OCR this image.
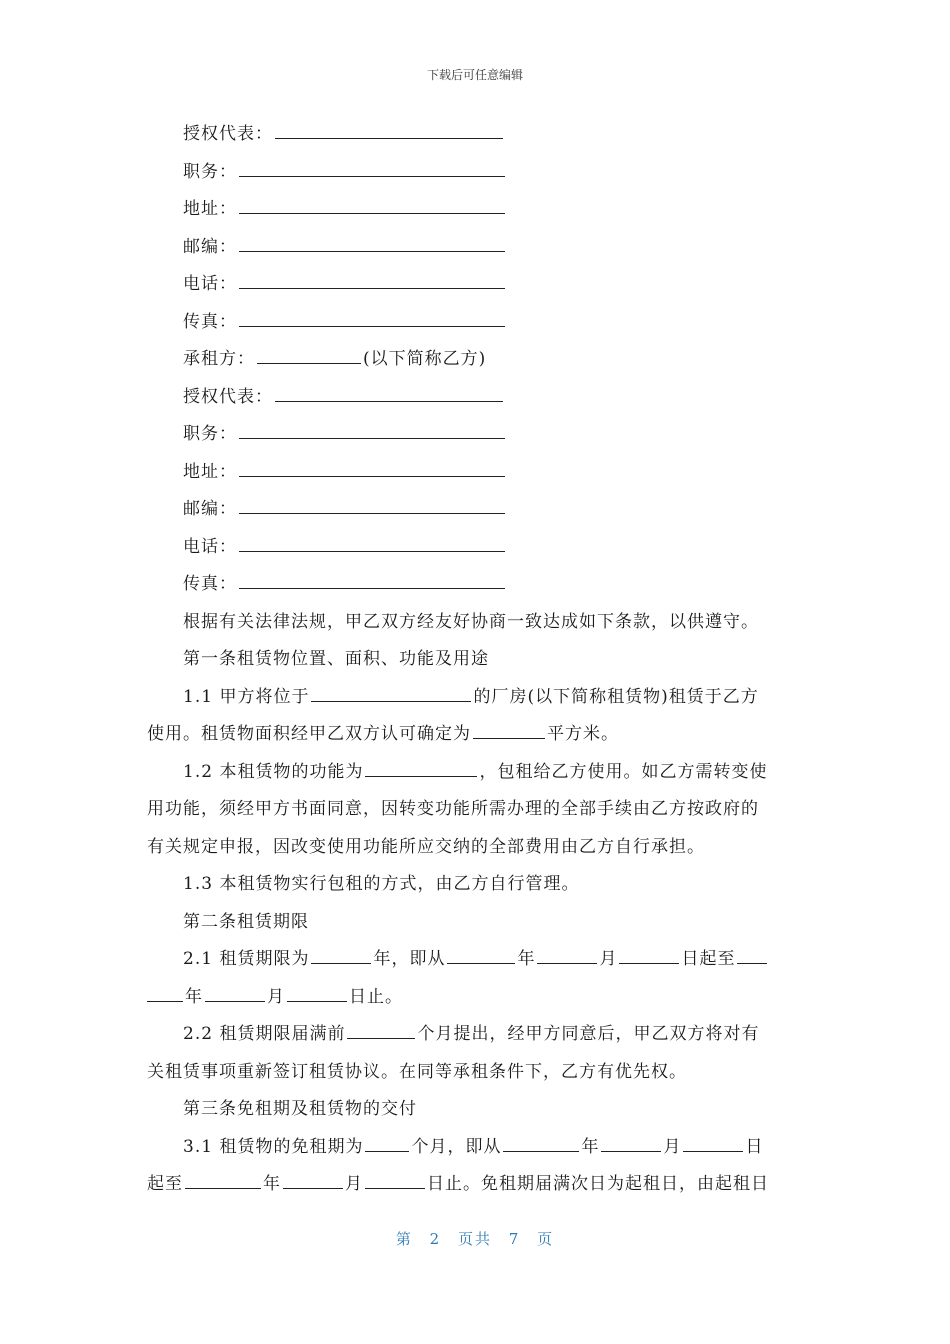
下载后可任意编辑
授权代表：
职务：
地址：
邮编：
电话：
传真：
承租方：	(以下简称乙方)
授权代表：
职务：
地址：
邮编：
电话：
传真：
根据有关法律法规，甲乙双方经友好协商一致达成如下条款，以供遵守。
第一条租赁物位置、面积、功能及用途
1.1 甲方将位于	的厂房(以下简称租赁物)租赁于乙方
使用。租赁物面积经甲乙双方认可确定为	平方米。
1.2 本租赁物的功能为	，包租给乙方使用。如乙方需转变使
用功能，须经甲方书面同意，因转变功能所需办理的全部手续由乙方按政府的
有关规定申报，因改变使用功能所应交纳的全部费用由乙方自行承担。
1.3 本租赁物实行包租的方式，由乙方自行管理。
第二条租赁期限
2.1 租赁期限为	年，即从	年	月	日起至
年	月	日止。
2.2 租赁期限届满前	个月提出，经甲方同意后，甲乙双方将对有
关租赁事项重新签订租赁协议。在同等承租条件下，乙方有优先权。
第三条免租期及租赁物的交付
3.1 租赁物的免租期为	个月，即从	年	月	日
起至	年	月	日止。免租期届满次日为起租日，由起租日
第 2 页共 7 页
